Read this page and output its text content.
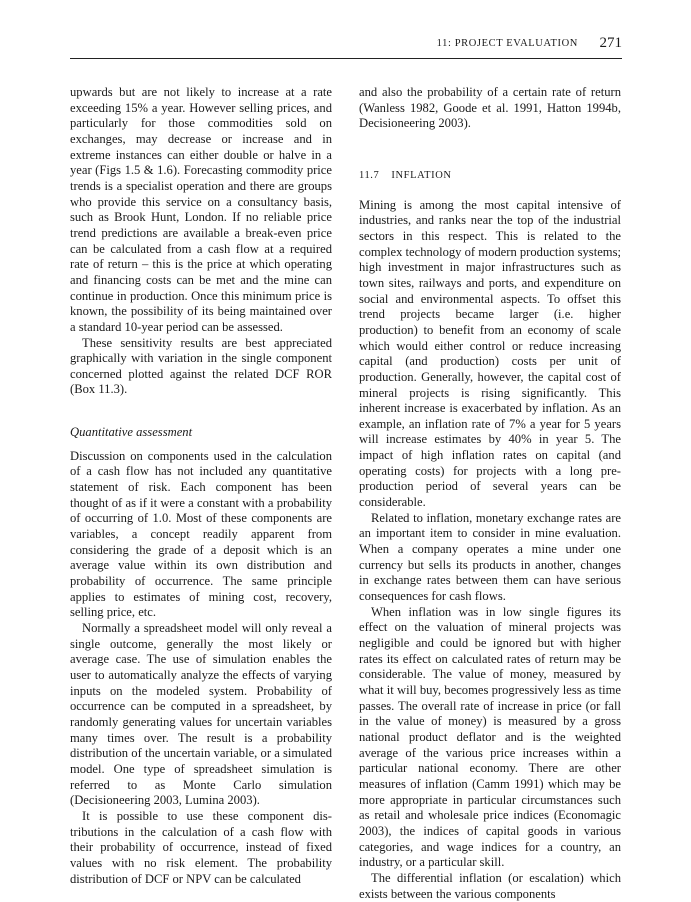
11: PROJECT EVALUATION 271

upwards but are not likely to increase at a rate exceeding 15% a year. However selling prices, and particularly for those commodities sold on exchanges, may decrease or increase and in extreme instances can either double or halve in a year (Figs 1.5 & 1.6). Forecasting commodity price trends is a specialist operation and there are groups who provide this service on a consultancy basis, such as Brook Hunt, London. If no reliable price trend predictions are available a break-even price can be calculated from a cash flow at a required rate of return – this is the price at which operating and financing costs can be met and the mine can continue in production. Once this minimum price is known, the possibility of its being maintained over a standard 10-year period can be assessed.

These sensitivity results are best appreciated graphically with variation in the single component concerned plotted against the related DCF ROR (Box 11.3).

Quantitative assessment

Discussion on components used in the calculation of a cash flow has not included any quantitative statement of risk. Each component has been thought of as if it were a constant with a probability of occurring of 1.0. Most of these components are variables, a concept readily apparent from considering the grade of a deposit which is an average value within its own distribution and probability of occurrence. The same principle applies to estimates of mining cost, recovery, selling price, etc.

Normally a spreadsheet model will only reveal a single outcome, generally the most likely or average case. The use of simulation enables the user to automatically analyze the effects of varying inputs on the modeled system. Probability of occurrence can be computed in a spreadsheet, by randomly generating values for uncertain variables many times over. The result is a probability distribution of the uncertain variable, or a simulated model. One type of spreadsheet simulation is referred to as Monte Carlo simulation (Decisioneering 2003, Lumina 2003).

It is possible to use these component distributions in the calculation of a cash flow with their probability of occurrence, instead of fixed values with no risk element. The probability distribution of DCF or NPV can be calculated

and also the probability of a certain rate of return (Wanless 1982, Goode et al. 1991, Hatton 1994b, Decisioneering 2003).

11.7 INFLATION

Mining is among the most capital intensive of industries, and ranks near the top of the industrial sectors in this respect. This is related to the complex technology of modern production systems; high investment in major infrastructures such as town sites, railways and ports, and expenditure on social and environmental aspects. To offset this trend projects became larger (i.e. higher production) to benefit from an economy of scale which would either control or reduce increasing capital (and production) costs per unit of production. Generally, however, the capital cost of mineral projects is rising significantly. This inherent increase is exacerbated by inflation. As an example, an inflation rate of 7% a year for 5 years will increase estimates by 40% in year 5. The impact of high inflation rates on capital (and operating costs) for projects with a long pre-production period of several years can be considerable.

Related to inflation, monetary exchange rates are an important item to consider in mine evaluation. When a company operates a mine under one currency but sells its products in another, changes in exchange rates between them can have serious consequences for cash flows.

When inflation was in low single figures its effect on the valuation of mineral projects was negligible and could be ignored but with higher rates its effect on calculated rates of return may be considerable. The value of money, measured by what it will buy, becomes progressively less as time passes. The overall rate of increase in price (or fall in the value of money) is measured by a gross national product deflator and is the weighted average of the various price increases within a particular national economy. There are other measures of inflation (Camm 1991) which may be more appropriate in particular circumstances such as retail and wholesale price indices (Economagic 2003), the indices of capital goods in various categories, and wage indices for a country, an industry, or a particular skill.

The differential inflation (or escalation) which exists between the various components
